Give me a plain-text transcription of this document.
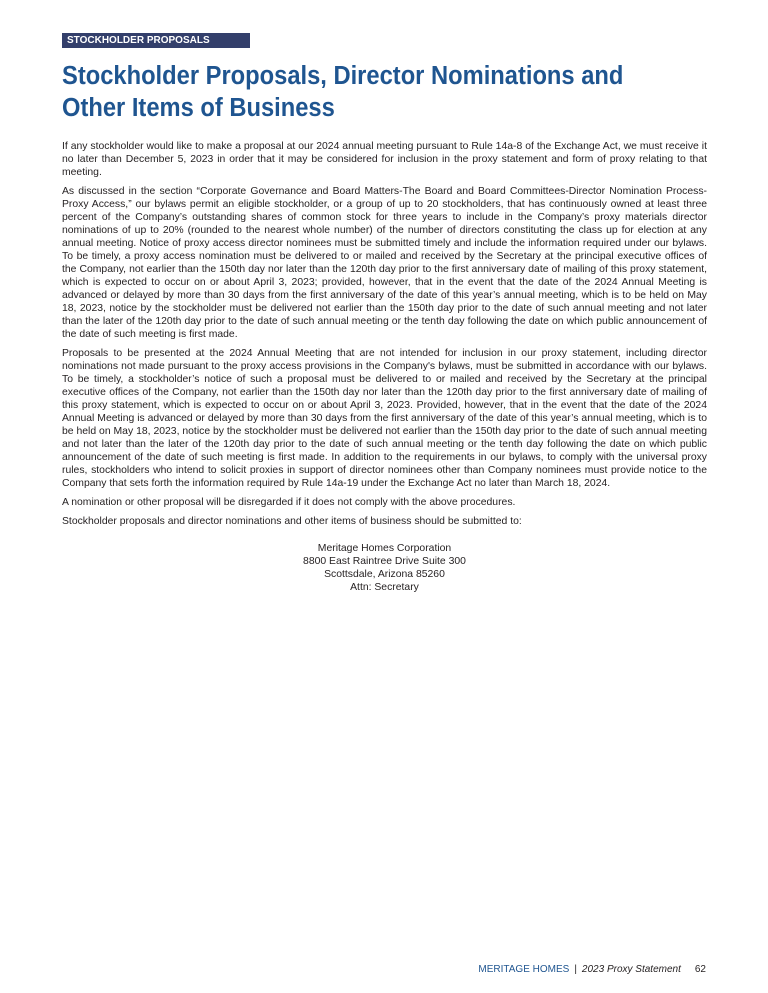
STOCKHOLDER PROPOSALS
Stockholder Proposals, Director Nominations and Other Items of Business

If any stockholder would like to make a proposal at our 2024 annual meeting pursuant to Rule 14a-8 of the Exchange Act, we must receive it no later than December 5, 2023 in order that it may be considered for inclusion in the proxy statement and form of proxy relating to that meeting.

As discussed in the section “Corporate Governance and Board Matters-The Board and Board Committees-Director Nomination Process-Proxy Access,” our bylaws permit an eligible stockholder, or a group of up to 20 stockholders, that has continuously owned at least three percent of the Company’s outstanding shares of common stock for three years to include in the Company’s proxy materials director nominations of up to 20% (rounded to the nearest whole number) of the number of directors constituting the class up for election at any annual meeting. Notice of proxy access director nominees must be submitted timely and include the information required under our bylaws. To be timely, a proxy access nomination must be delivered to or mailed and received by the Secretary at the principal executive offices of the Company, not earlier than the 150th day nor later than the 120th day prior to the first anniversary date of mailing of this proxy statement, which is expected to occur on or about April 3, 2023; provided, however, that in the event that the date of the 2024 Annual Meeting is advanced or delayed by more than 30 days from the first anniversary of the date of this year’s annual meeting, which is to be held on May 18, 2023, notice by the stockholder must be delivered not earlier than the 150th day prior to the date of such annual meeting and not later than the later of the 120th day prior to the date of such annual meeting or the tenth day following the date on which public announcement of the date of such meeting is first made.

Proposals to be presented at the 2024 Annual Meeting that are not intended for inclusion in our proxy statement, including director nominations not made pursuant to the proxy access provisions in the Company's bylaws, must be submitted in accordance with our bylaws. To be timely, a stockholder’s notice of such a proposal must be delivered to or mailed and received by the Secretary at the principal executive offices of the Company, not earlier than the 150th day nor later than the 120th day prior to the first anniversary date of mailing of this proxy statement, which is expected to occur on or about April 3, 2023. Provided, however, that in the event that the date of the 2024 Annual Meeting is advanced or delayed by more than 30 days from the first anniversary of the date of this year’s annual meeting, which is to be held on May 18, 2023, notice by the stockholder must be delivered not earlier than the 150th day prior to the date of such annual meeting and not later than the later of the 120th day prior to the date of such annual meeting or the tenth day following the date on which public announcement of the date of such meeting is first made. In addition to the requirements in our bylaws, to comply with the universal proxy rules, stockholders who intend to solicit proxies in support of director nominees other than Company nominees must provide notice to the Company that sets forth the information required by Rule 14a-19 under the Exchange Act no later than March 18, 2024.

A nomination or other proposal will be disregarded if it does not comply with the above procedures.

Stockholder proposals and director nominations and other items of business should be submitted to:

Meritage Homes Corporation
8800 East Raintree Drive Suite 300
Scottsdale, Arizona 85260
Attn: Secretary
MERITAGE HOMES | 2023 Proxy Statement 62
